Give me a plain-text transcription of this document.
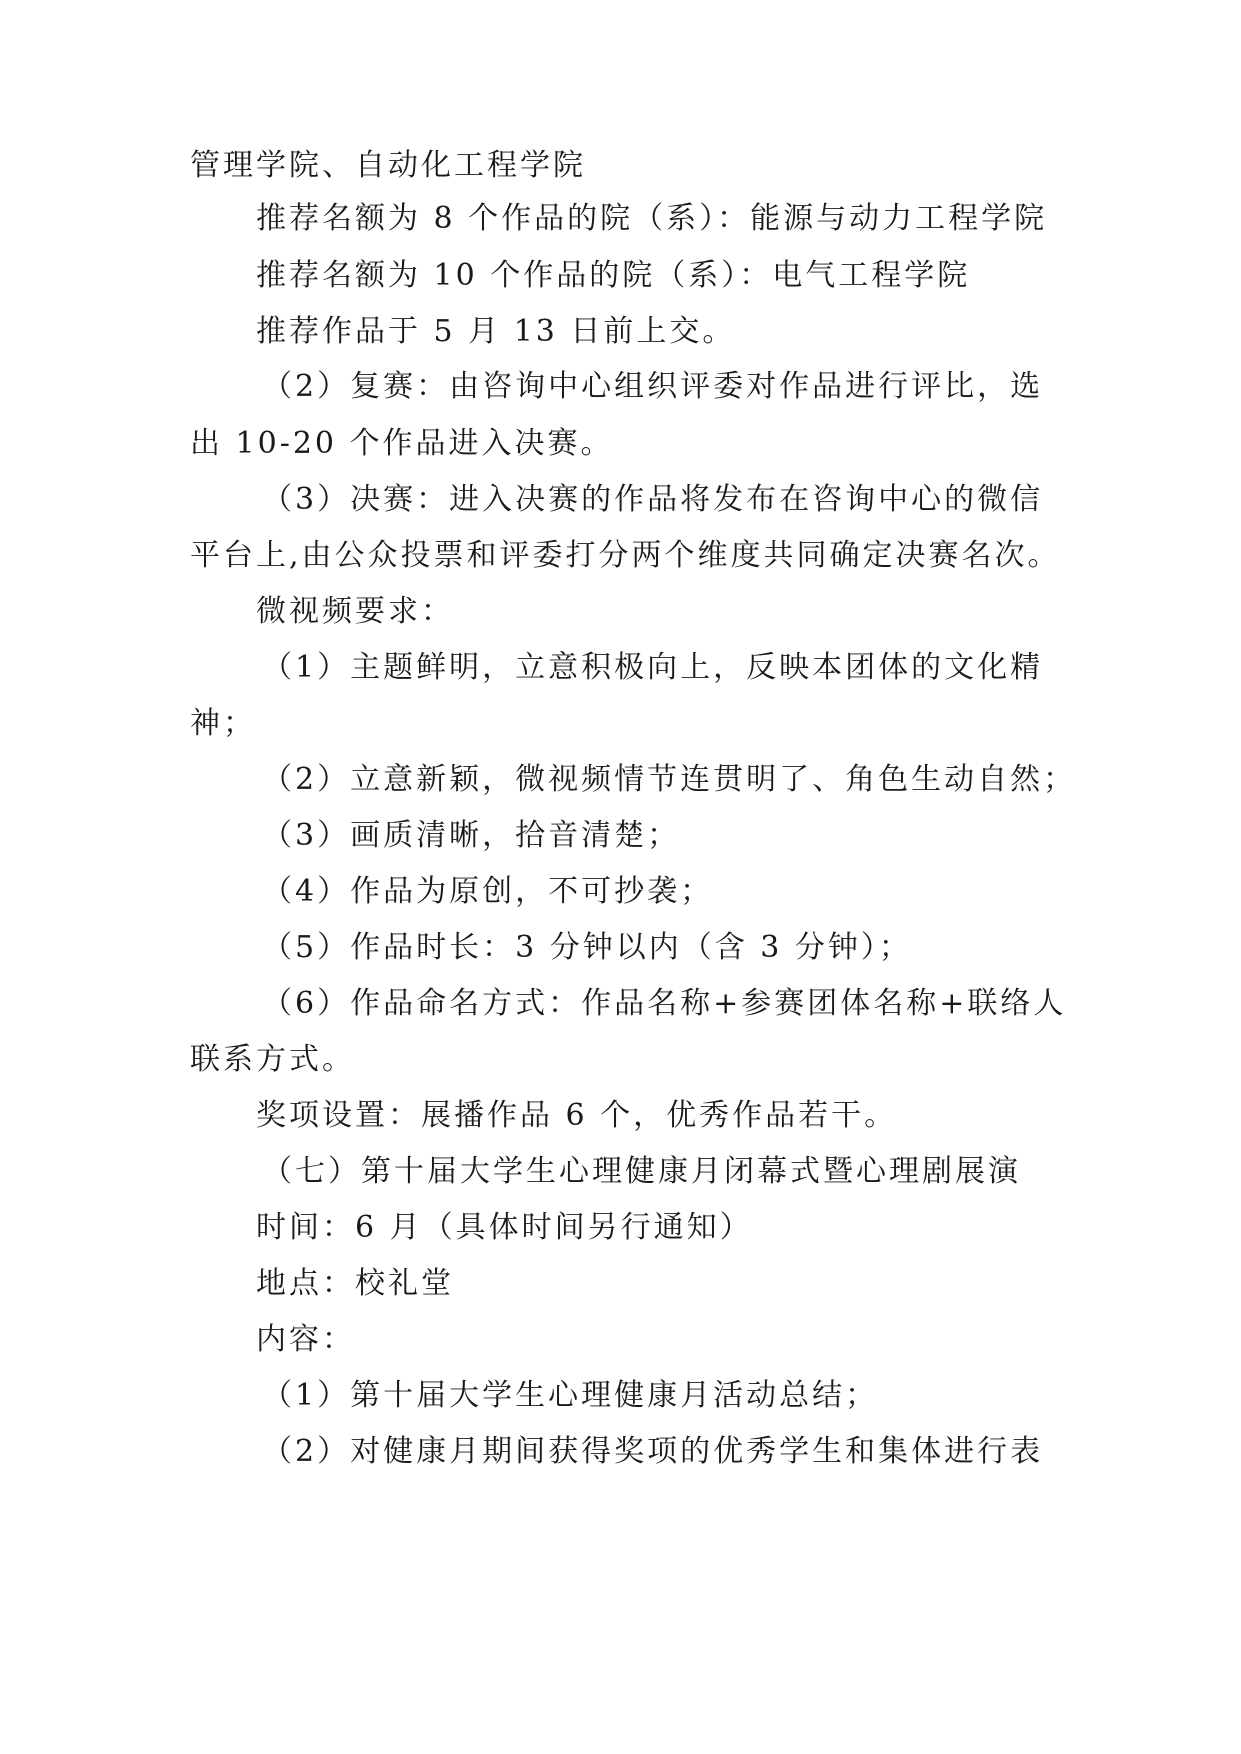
管理学院、自动化工程学院
推荐名额为 8 个作品的院（系）：能源与动力工程学院
推荐名额为 10 个作品的院（系）：电气工程学院
推荐作品于 5 月 13 日前上交。
（2）复赛：由咨询中心组织评委对作品进行评比，选
出 10-20 个作品进入决赛。
（3）决赛：进入决赛的作品将发布在咨询中心的微信
平台上,由公众投票和评委打分两个维度共同确定决赛名次。
微视频要求：
（1）主题鲜明，立意积极向上，反映本团体的文化精
神；
（2）立意新颖，微视频情节连贯明了、角色生动自然；
（3）画质清晰，拾音清楚；
（4）作品为原创，不可抄袭；
（5）作品时长：3 分钟以内（含 3 分钟）；
（6）作品命名方式：作品名称+参赛团体名称+联络人
联系方式。
奖项设置：展播作品 6 个，优秀作品若干。
（七）第十届大学生心理健康月闭幕式暨心理剧展演
时间：6 月（具体时间另行通知）
地点：校礼堂
内容：
（1）第十届大学生心理健康月活动总结；
（2）对健康月期间获得奖项的优秀学生和集体进行表
